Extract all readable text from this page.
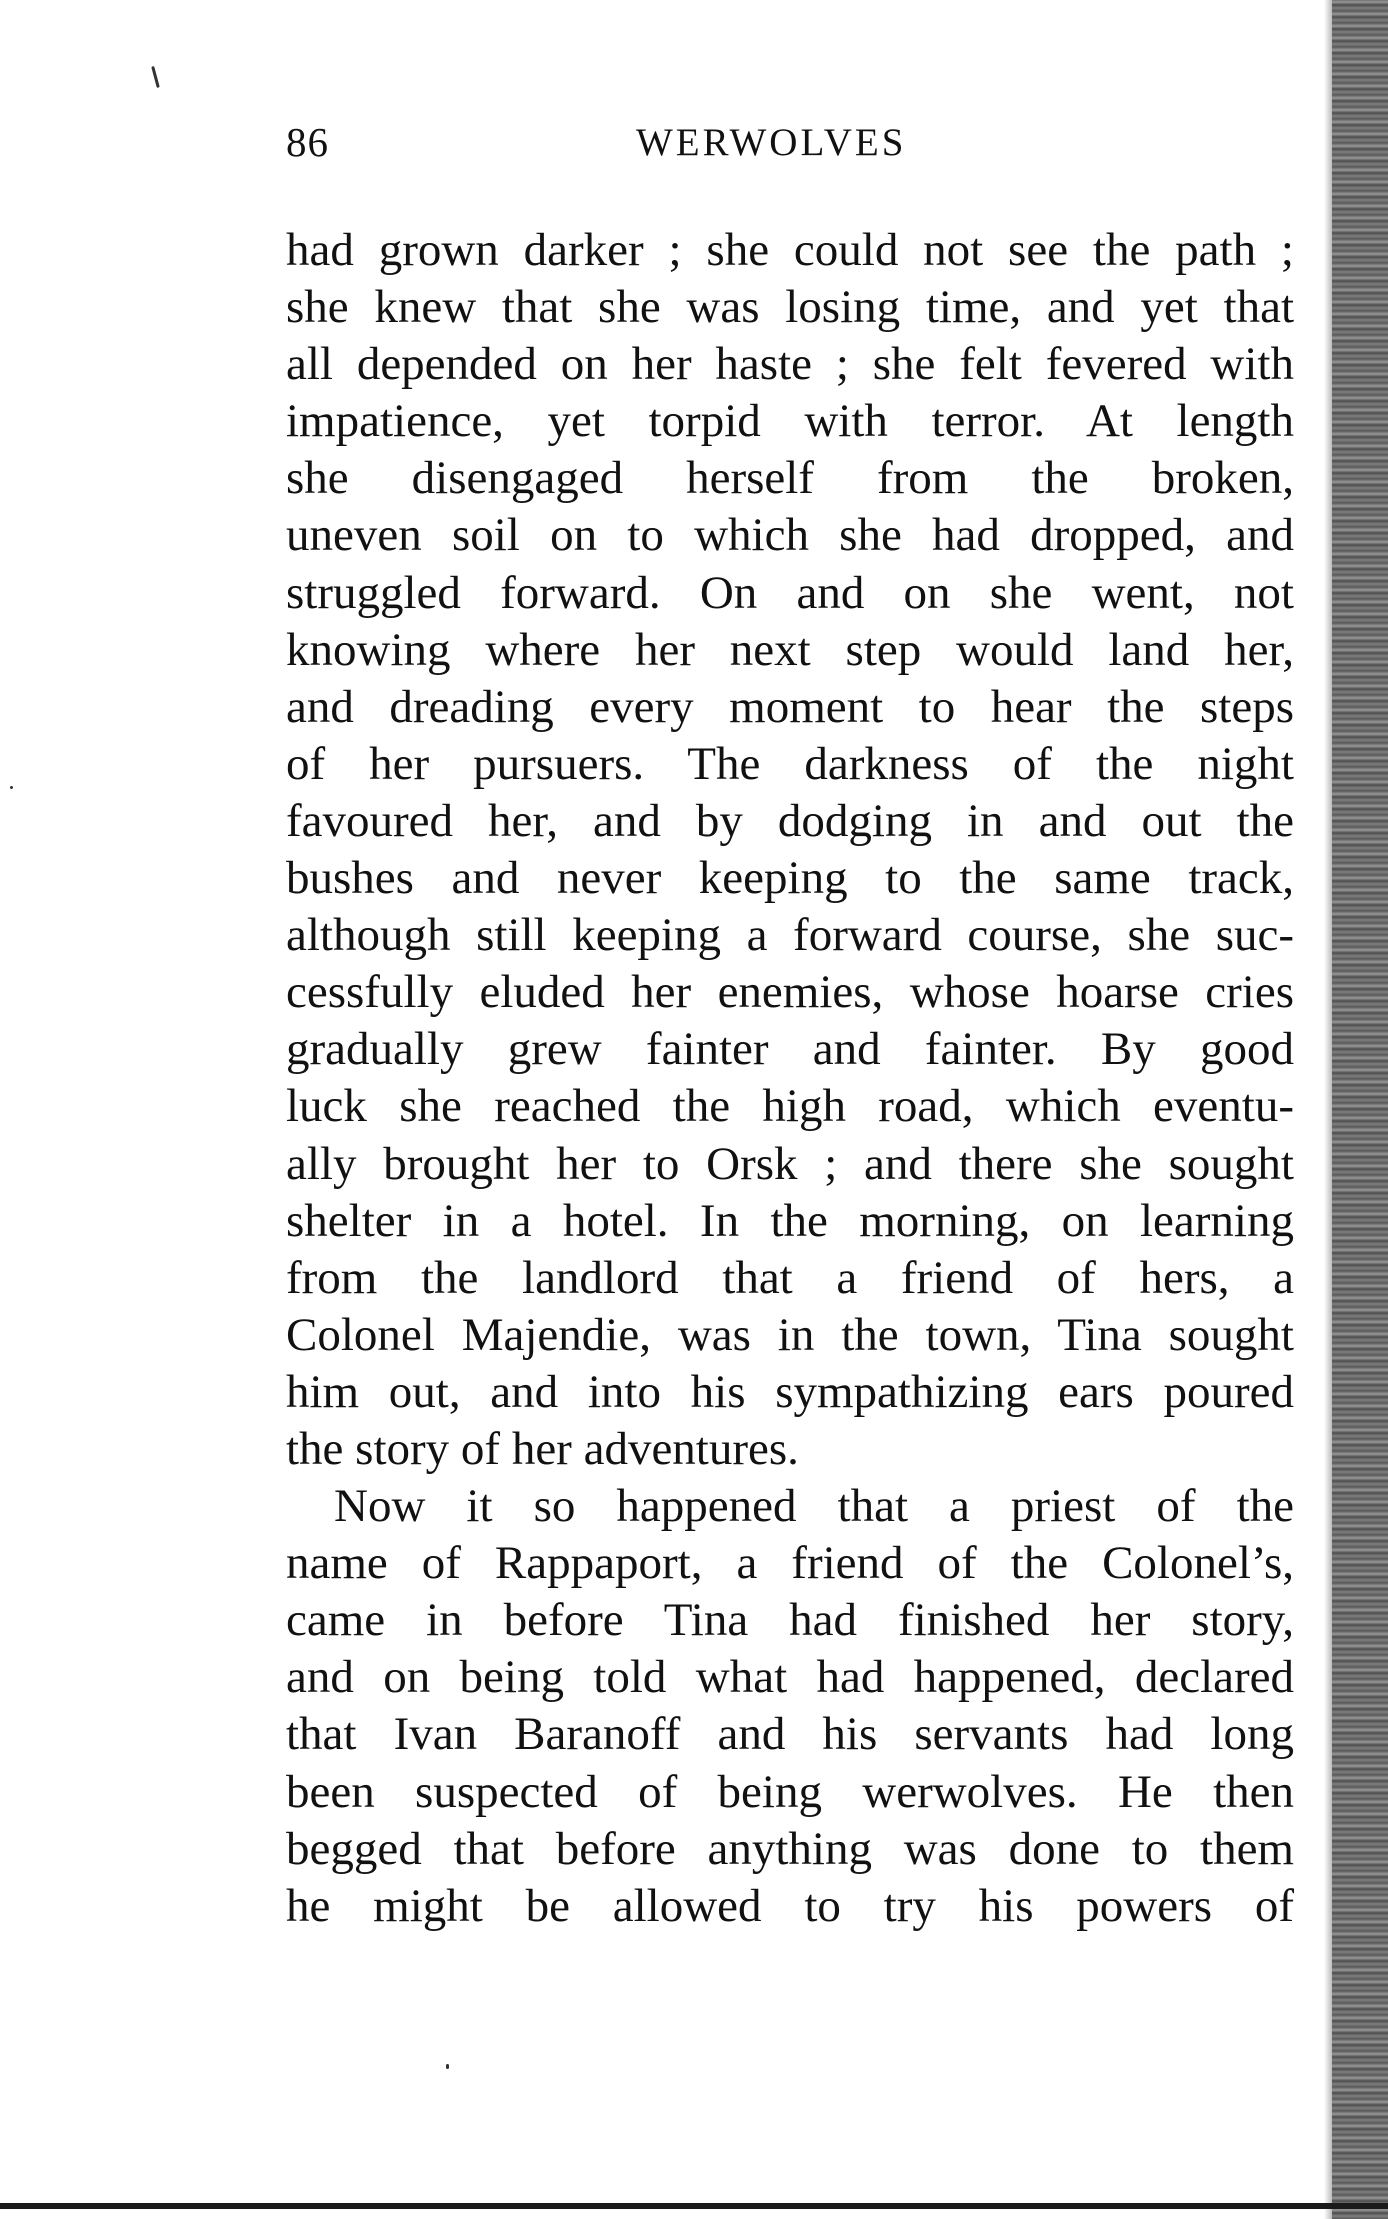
86	WERWOLVES
had grown darker ; she could not see the path ;
she knew that she was losing time, and yet that
all depended on her haste ; she felt fevered with
impatience, yet torpid with terror. At length
she disengaged herself from the broken,
uneven soil on to which she had dropped, and
struggled forward. On and on she went, not
knowing where her next step would land her,
and dreading every moment to hear the steps
of her pursuers. The darkness of the night
favoured her, and by dodging in and out the
bushes and never keeping to the same track,
although still keeping a forward course, she suc-
cessfully eluded her enemies, whose hoarse cries
gradually grew fainter and fainter. By good
luck she reached the high road, which eventu-
ally brought her to Orsk ; and there she sought
shelter in a hotel. In the morning, on learning
from the landlord that a friend of hers, a
Colonel Majendie, was in the town, Tina sought
him out, and into his sympathizing ears poured
the story of her adventures.
Now it so happened that a priest of the
name of Rappaport, a friend of the Colonel’s,
came in before Tina had finished her story,
and on being told what had happened, declared
that Ivan Baranoff and his servants had long
been suspected of being werwolves. He then
begged that before anything was done to them
he might be allowed to try his powers of
